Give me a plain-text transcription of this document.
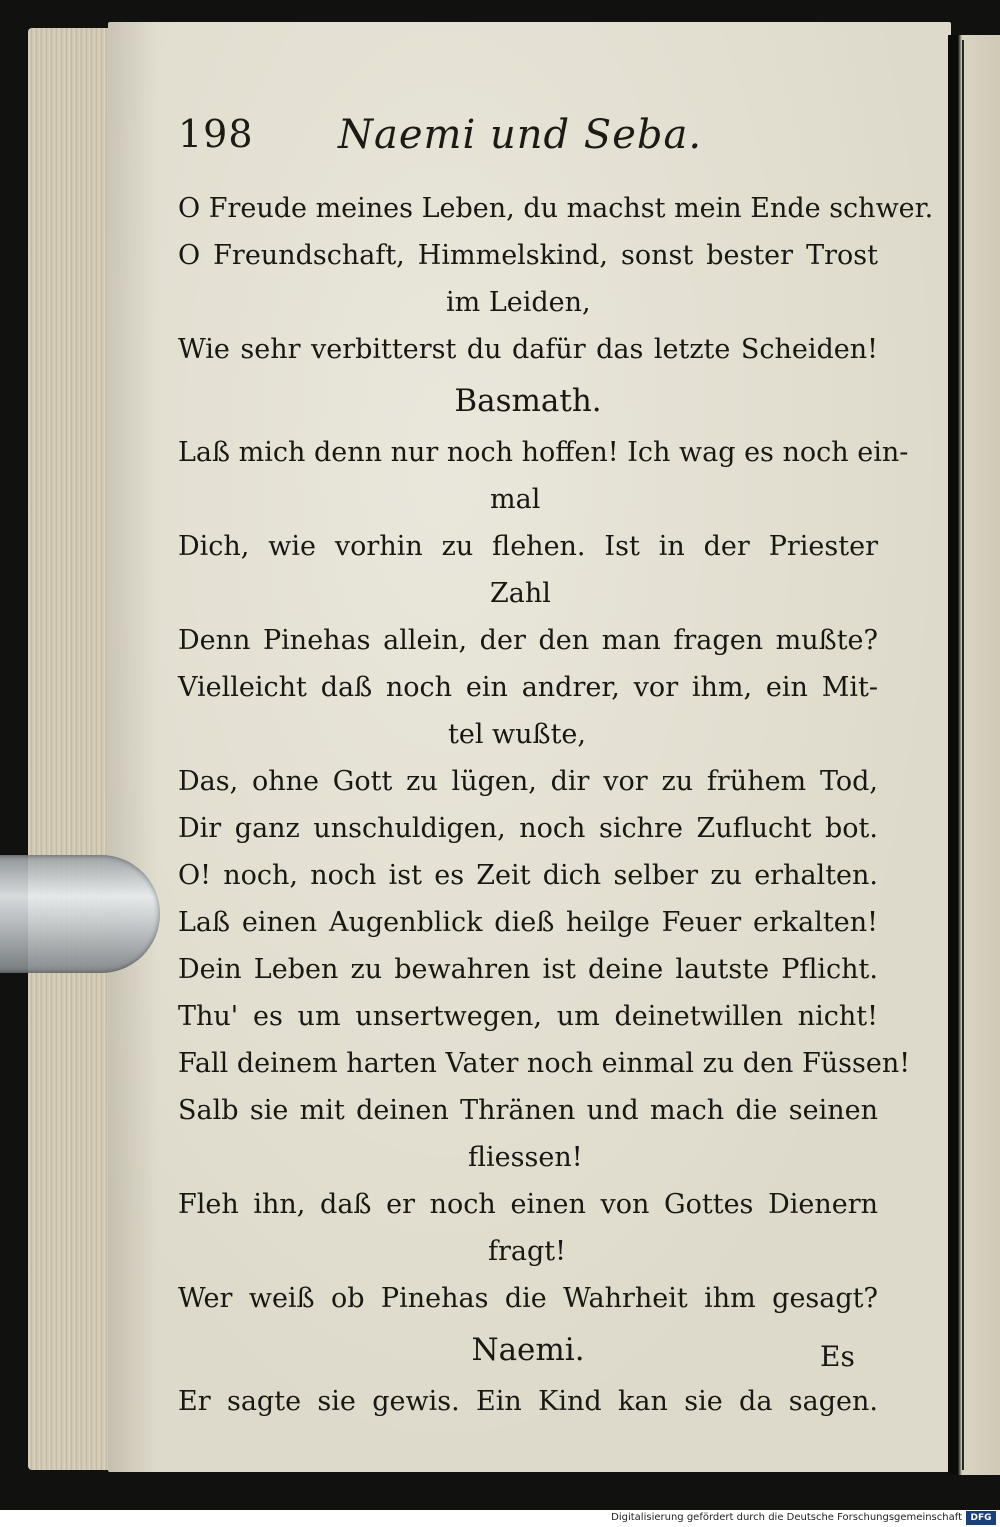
198 Naemi und Seba.
O Freude meines Leben, du machst mein Ende schwer.
O Freundschaft, Himmelskind, sonst bester Trost
im Leiden,
Wie sehr verbitterst du dafür das letzte Scheiden!
Basmath.
Laß mich denn nur noch hoffen! Ich wag es noch ein-
mal
Dich, wie vorhin zu flehen. Ist in der Priester
Zahl
Denn Pinehas allein, der den man fragen mußte?
Vielleicht daß noch ein andrer, vor ihm, ein Mit-
tel wußte,
Das, ohne Gott zu lügen, dir vor zu frühem Tod,
Dir ganz unschuldigen, noch sichre Zuflucht bot.
O! noch, noch ist es Zeit dich selber zu erhalten.
Laß einen Augenblick dieß heilge Feuer erkalten!
Dein Leben zu bewahren ist deine lautste Pflicht.
Thu' es um unsertwegen, um deinetwillen nicht!
Fall deinem harten Vater noch einmal zu den Füssen!
Salb sie mit deinen Thränen und mach die seinen
fliessen!
Fleh ihn, daß er noch einen von Gottes Dienern
fragt!
Wer weiß ob Pinehas die Wahrheit ihm gesagt?
Naemi.
Er sagte sie gewis. Ein Kind kan sie da sagen.
Es
Digitalisierung gefördert durch die Deutsche Forschungsgemeinschaft DFG
